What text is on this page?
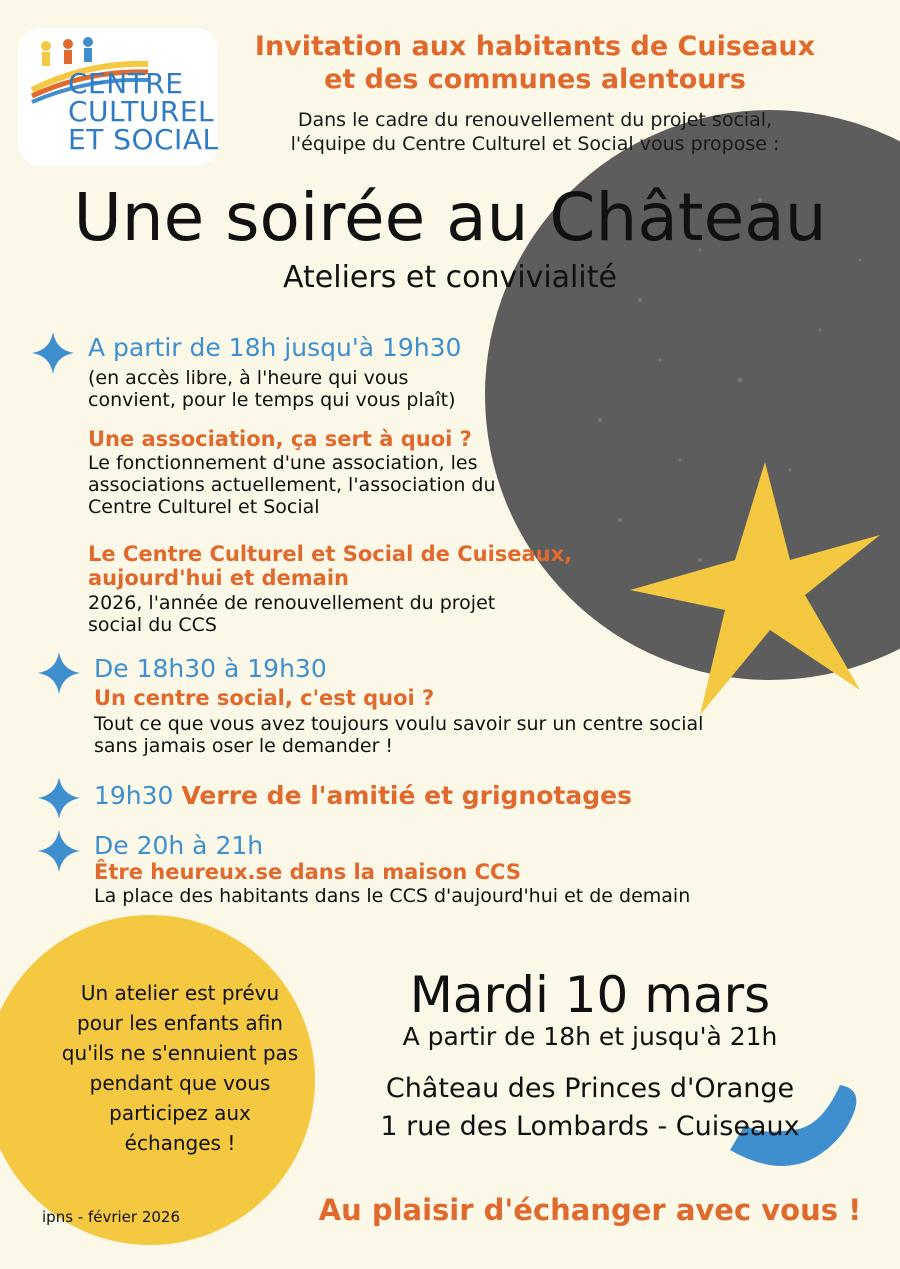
CENTRE
CULTUREL
ET SOCIAL
Invitation aux habitants de Cuiseaux
et des communes alentours
Dans le cadre du renouvellement du projet social,
l'équipe du Centre Culturel et Social vous propose :
Une soirée au Château
Ateliers et convivialité
A partir de 18h jusqu'à 19h30
(en accès libre, à l'heure qui vous
convient, pour le temps qui vous plaît)
Une association, ça sert à quoi ?
Le fonctionnement d'une association, les
associations actuellement, l'association du
Centre Culturel et Social
Le Centre Culturel et Social de Cuiseaux,
aujourd'hui et demain
2026, l'année de renouvellement du projet
social du CCS
De 18h30 à 19h30
Un centre social, c'est quoi ?
Tout ce que vous avez toujours voulu savoir sur un centre social
sans jamais oser le demander !
19h30 Verre de l'amitié et grignotages
De 20h à 21h
Être heureux.se dans la maison CCS
La place des habitants dans le CCS d'aujourd'hui et de demain
Un atelier est prévu
pour les enfants afin
qu'ils ne s'ennuient pas
pendant que vous
participez aux
échanges !
Mardi 10 mars
A partir de 18h et jusqu'à 21h
Château des Princes d'Orange
1 rue des Lombards - Cuiseaux
Au plaisir d'échanger avec vous !
ipns - février 2026
